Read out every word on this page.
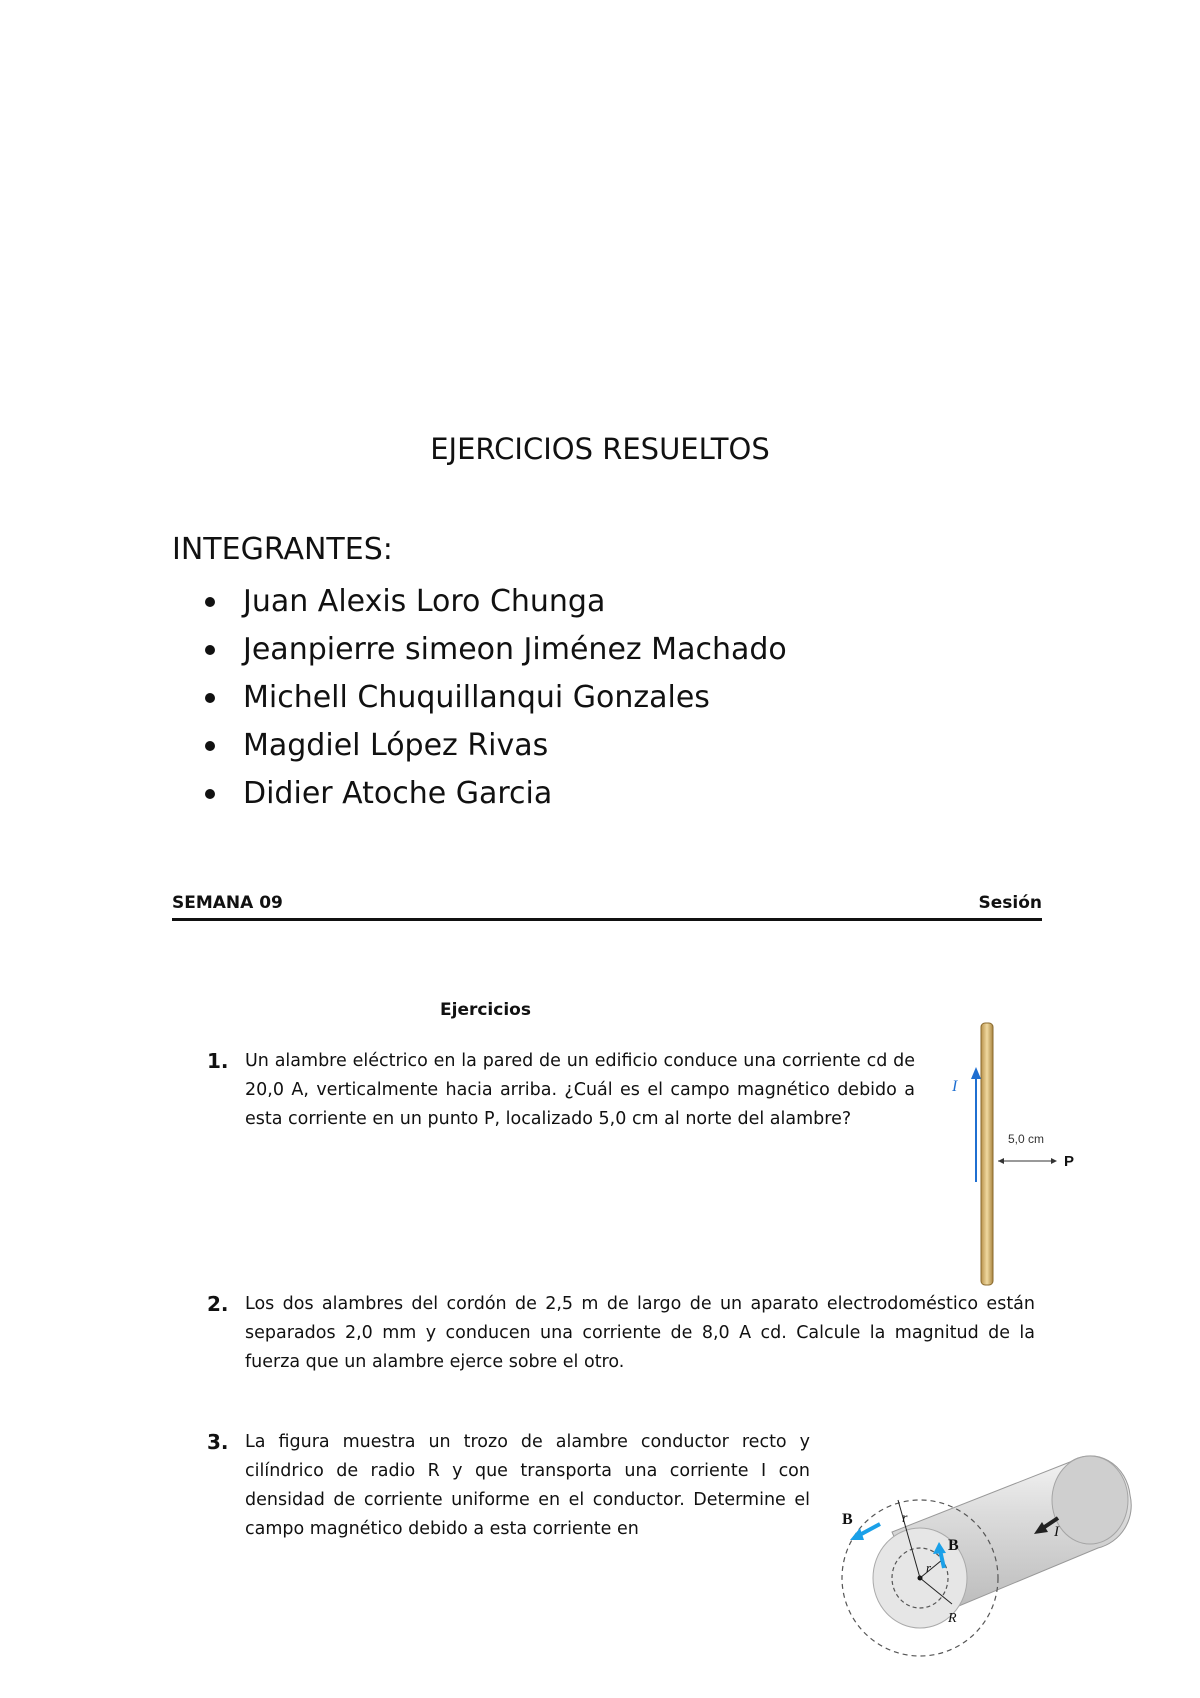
EJERCICIOS RESUELTOS
INTEGRANTES:
Juan Alexis Loro Chunga
Jeanpierre simeon Jiménez Machado
Michell Chuquillanqui Gonzales
Magdiel López Rivas
Didier Atoche Garcia
SEMANA 09	Sesión
Ejercicios
1. Un alambre eléctrico en la pared de un edificio conduce una corriente cd de 20,0 A, verticalmente hacia arriba. ¿Cuál es el campo magnético debido a esta corriente en un punto P, localizado 5,0 cm al norte del alambre?

2. Los dos alambres del cordón de 2,5 m de largo de un aparato electrodoméstico están separados 2,0 mm y conducen una corriente de 8,0 A cd. Calcule la magnitud de la fuerza que un alambre ejerce sobre el otro.

3. La figura muestra un trozo de alambre conductor recto y cilíndrico de radio R y que transporta una corriente I con densidad de corriente uniforme en el conductor. Determine el campo magnético debido a esta corriente en

I
5,0 cm
P
B
B
r
r
R
I
